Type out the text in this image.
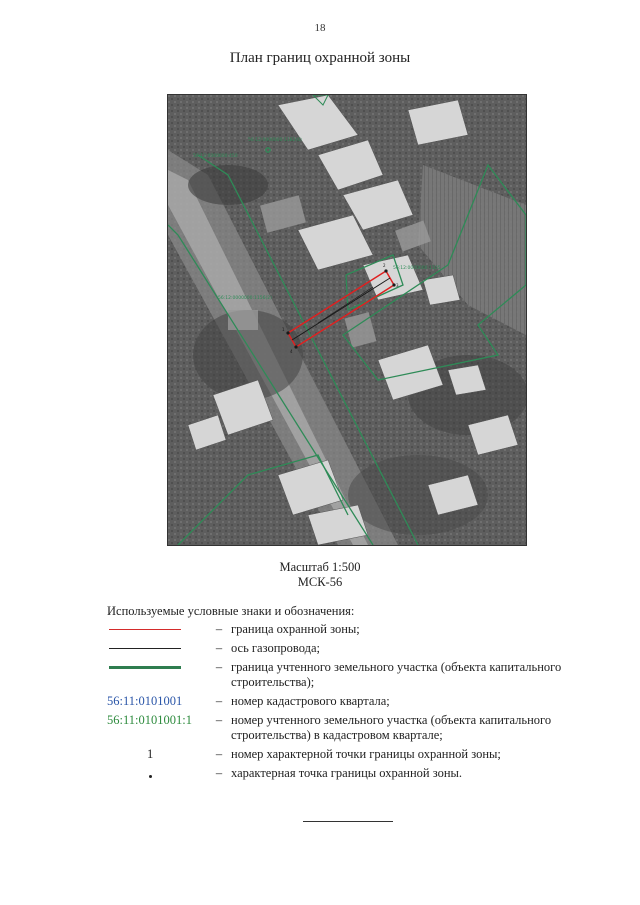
18
План границ охранной зоны
56:12:0000000:1182(0)
56:12:0000000:450
56:12:0000000:1156(2)
56:12:0000000:1105
1
2
3
4
Масштаб 1:500
МСК-56
Используемые условные знаки и обозначения:
– граница охранной зоны;
– ось газопровода;
– граница учтенного земельного участка (объекта капитального строительства);
56:11:0101001	– номер кадастрового квартала;
56:11:0101001:1	– номер учтенного земельного участка (объекта капитального строительства) в кадастровом квартале;
1	– номер характерной точки границы охранной зоны;
– характерная точка границы охранной зоны.
